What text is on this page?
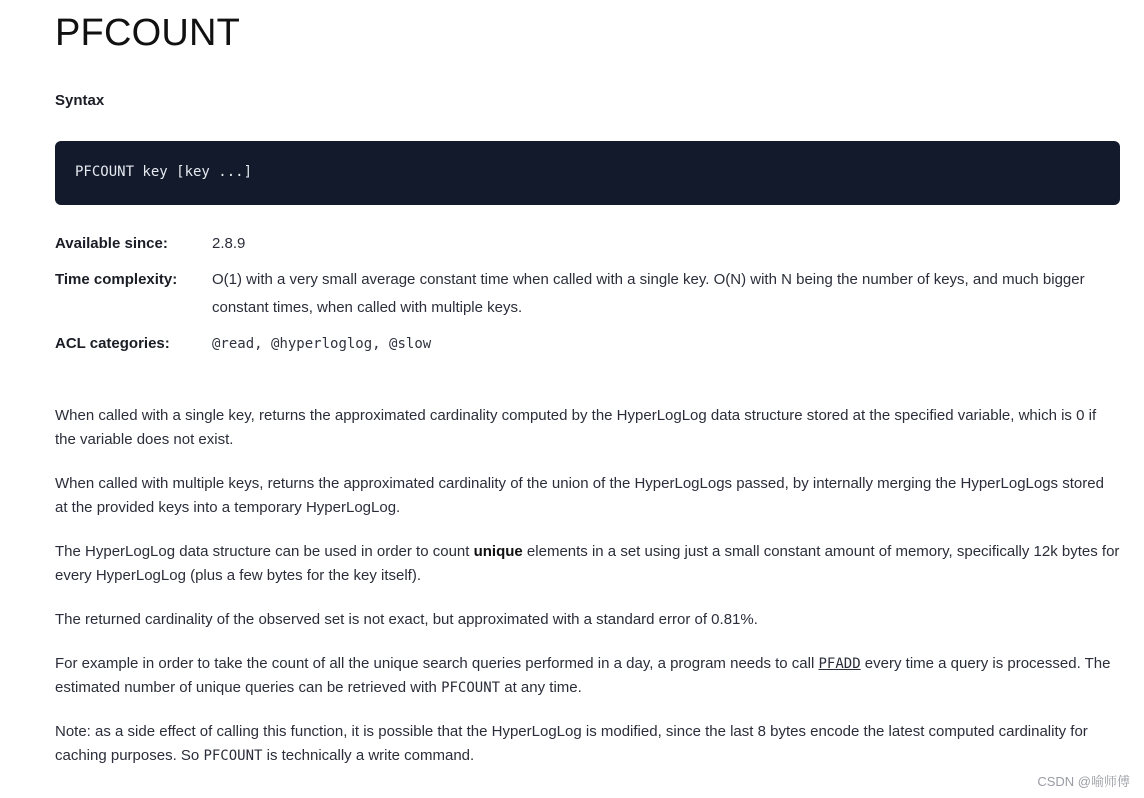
PFCOUNT
Syntax
PFCOUNT key [key ...]
Available since:	2.8.9
Time complexity:	O(1) with a very small average constant time when called with a single key. O(N) with N being the number of keys, and much bigger constant times, when called with multiple keys.
ACL categories:	@read, @hyperloglog, @slow

When called with a single key, returns the approximated cardinality computed by the HyperLogLog data structure stored at the specified variable, which is 0 if the variable does not exist.

When called with multiple keys, returns the approximated cardinality of the union of the HyperLogLogs passed, by internally merging the HyperLogLogs stored at the provided keys into a temporary HyperLogLog.

The HyperLogLog data structure can be used in order to count unique elements in a set using just a small constant amount of memory, specifically 12k bytes for every HyperLogLog (plus a few bytes for the key itself).

The returned cardinality of the observed set is not exact, but approximated with a standard error of 0.81%.

For example in order to take the count of all the unique search queries performed in a day, a program needs to call PFADD every time a query is processed. The estimated number of unique queries can be retrieved with PFCOUNT at any time.

Note: as a side effect of calling this function, it is possible that the HyperLogLog is modified, since the last 8 bytes encode the latest computed cardinality for caching purposes. So PFCOUNT is technically a write command.

CSDN @喻师傅
